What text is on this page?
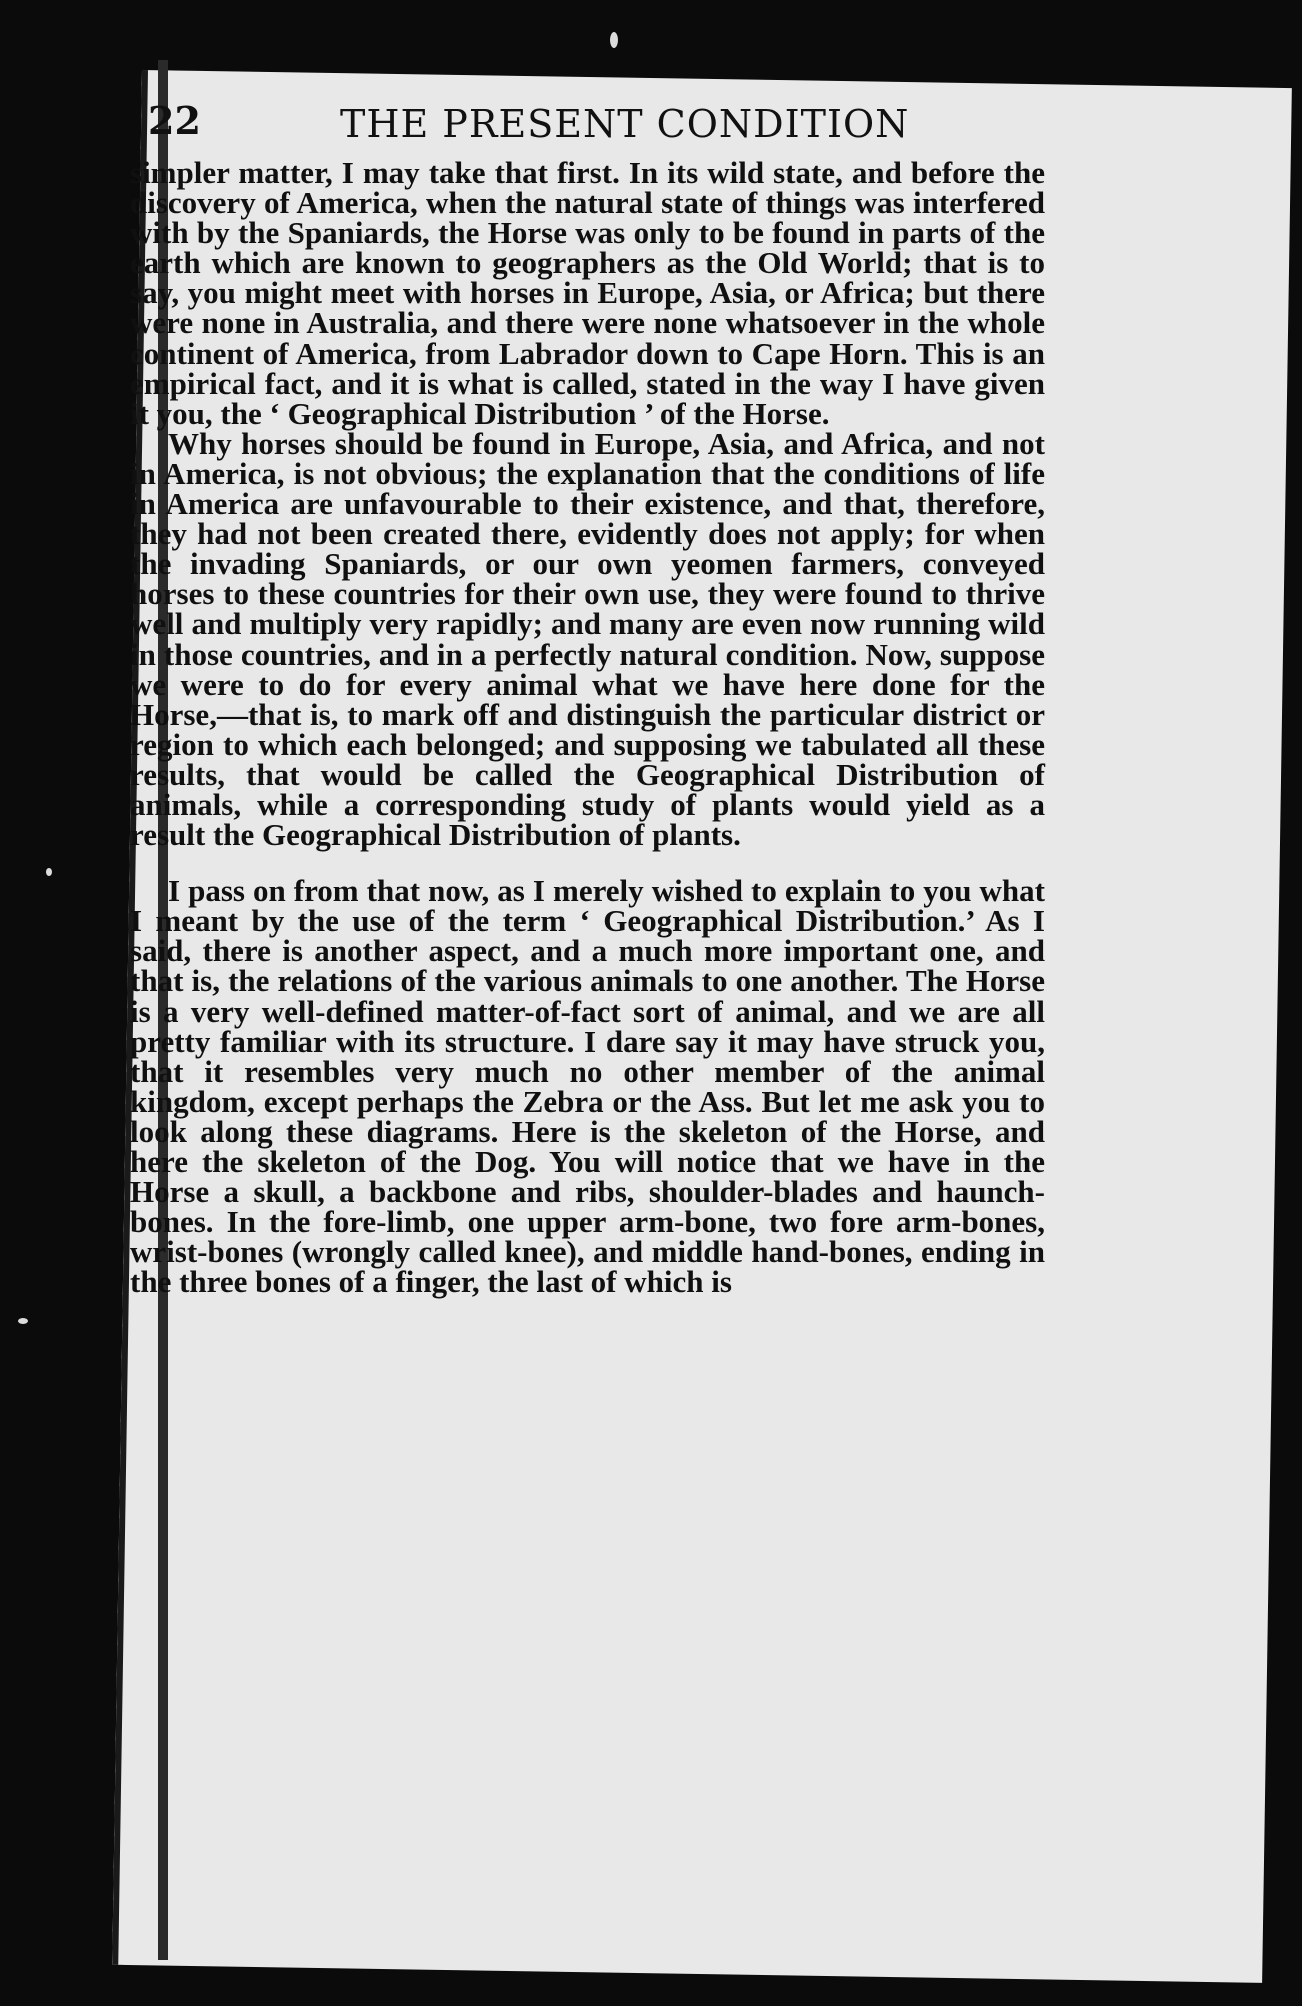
22	THE PRESENT CONDITION

simpler matter, I may take that first. In its wild state, and before the discovery of America, when the natural state of things was interfered with by the Spaniards, the Horse was only to be found in parts of the earth which are known to geographers as the Old World; that is to say, you might meet with horses in Europe, Asia, or Africa; but there were none in Australia, and there were none whatsoever in the whole continent of America, from Labrador down to Cape Horn. This is an empirical fact, and it is what is called, stated in the way I have given it you, the ‘ Geographical Distribution ’ of the Horse.

Why horses should be found in Europe, Asia, and Africa, and not in America, is not obvious; the explanation that the conditions of life in America are unfavourable to their existence, and that, therefore, they had not been created there, evidently does not apply; for when the invading Spaniards, or our own yeomen farmers, conveyed horses to these countries for their own use, they were found to thrive well and multiply very rapidly; and many are even now running wild in those countries, and in a perfectly natural condition. Now, suppose we were to do for every animal what we have here done for the Horse,—that is, to mark off and distinguish the particular district or region to which each belonged; and supposing we tabulated all these results, that would be called the Geographical Distribution of animals, while a corresponding study of plants would yield as a result the Geographical Distribution of plants.

I pass on from that now, as I merely wished to explain to you what I meant by the use of the term ‘ Geographical Distribution.’ As I said, there is another aspect, and a much more important one, and that is, the relations of the various animals to one another. The Horse is a very well-defined matter-of-fact sort of animal, and we are all pretty familiar with its structure. I dare say it may have struck you, that it resembles very much no other member of the animal kingdom, except perhaps the Zebra or the Ass. But let me ask you to look along these diagrams. Here is the skeleton of the Horse, and here the skeleton of the Dog. You will notice that we have in the Horse a skull, a backbone and ribs, shoulder-blades and haunch-bones. In the fore-limb, one upper arm-bone, two fore arm-bones, wrist-bones (wrongly called knee), and middle hand-bones, ending in the three bones of a finger, the last of which is
